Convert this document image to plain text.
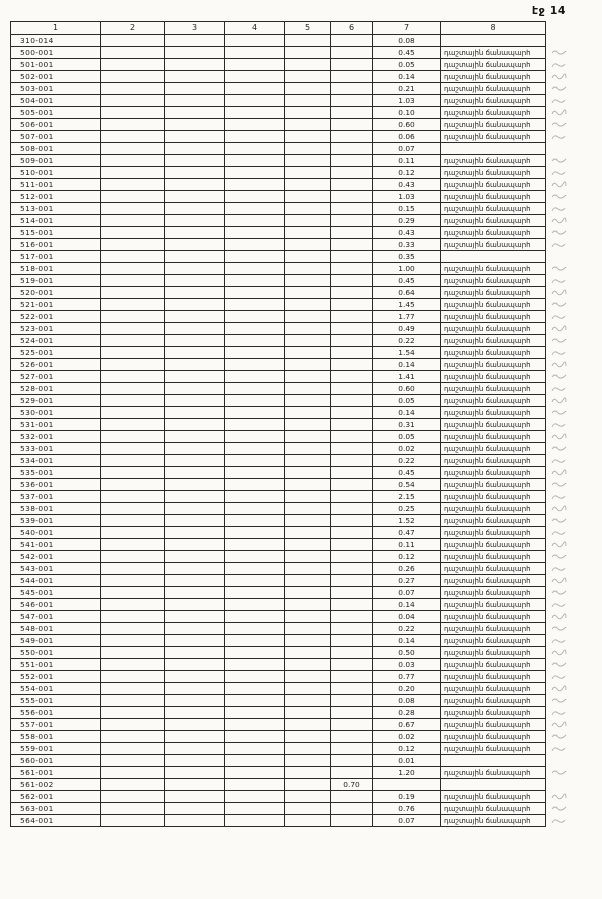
էջ 14
1	2	3	4	5	6	7	8	
310-014						0.08		
500-001						0.45	դաշտային ճանապարհ	
501-001						0.05	դաշտային ճանապարհ	
502-001						0.14	դաշտային ճանապարհ	
503-001						0.21	դաշտային ճանապարհ	
504-001						1.03	դաշտային ճանապարհ	
505-001						0.10	դաշտային ճանապարհ	
506-001						0.60	դաշտային ճանապարհ	
507-001						0.06	դաշտային ճանապարհ	
508-001						0.07		
509-001						0.11	դաշտային ճանապարհ	
510-001						0.12	դաշտային ճանապարհ	
511-001						0.43	դաշտային ճանապարհ	
512-001						1.03	դաշտային ճանապարհ	
513-001						0.15	դաշտային ճանապարհ	
514-001						0.29	դաշտային ճանապարհ	
515-001						0.43	դաշտային ճանապարհ	
516-001						0.33	դաշտային ճանապարհ	
517-001						0.35		
518-001						1.00	դաշտային ճանապարհ	
519-001						0.45	դաշտային ճանապարհ	
520-001						0.64	դաշտային ճանապարհ	
521-001						1.45	դաշտային ճանապարհ	
522-001						1.77	դաշտային ճանապարհ	
523-001						0.49	դաշտային ճանապարհ	
524-001						0.22	դաշտային ճանապարհ	
525-001						1.54	դաշտային ճանապարհ	
526-001						0.14	դաշտային ճանապարհ	
527-001						1.41	դաշտային ճանապարհ	
528-001						0.60	դաշտային ճանապարհ	
529-001						0.05	դաշտային ճանապարհ	
530-001						0.14	դաշտային ճանապարհ	
531-001						0.31	դաշտային ճանապարհ	
532-001						0.05	դաշտային ճանապարհ	
533-001						0.02	դաշտային ճանապարհ	
534-001						0.22	դաշտային ճանապարհ	
535-001						0.45	դաշտային ճանապարհ	
536-001						0.54	դաշտային ճանապարհ	
537-001						2.15	դաշտային ճանապարհ	
538-001						0.25	դաշտային ճանապարհ	
539-001						1.52	դաշտային ճանապարհ	
540-001						0.47	դաշտային ճանապարհ	
541-001						0.11	դաշտային ճանապարհ	
542-001						0.12	դաշտային ճանապարհ	
543-001						0.26	դաշտային ճանապարհ	
544-001						0.27	դաշտային ճանապարհ	
545-001						0.07	դաշտային ճանապարհ	
546-001						0.14	դաշտային ճանապարհ	
547-001						0.04	դաշտային ճանապարհ	
548-001						0.22	դաշտային ճանապարհ	
549-001						0.14	դաշտային ճանապարհ	
550-001						0.50	դաշտային ճանապարհ	
551-001						0.03	դաշտային ճանապարհ	
552-001						0.77	դաշտային ճանապարհ	
554-001						0.20	դաշտային ճանապարհ	
555-001						0.08	դաշտային ճանապարհ	
556-001						0.28	դաշտային ճանապարհ	
557-001						0.67	դաշտային ճանապարհ	
558-001						0.02	դաշտային ճանապարհ	
559-001						0.12	դաշտային ճանապարհ	
560-001						0.01		
561-001						1.20	դաշտային ճանապարհ	
561-002					0.70			
562-001						0.19	դաշտային ճանապարհ	
563-001						0.76	դաշտային ճանապարհ	
564-001						0.07	դաշտային ճանապարհ	
